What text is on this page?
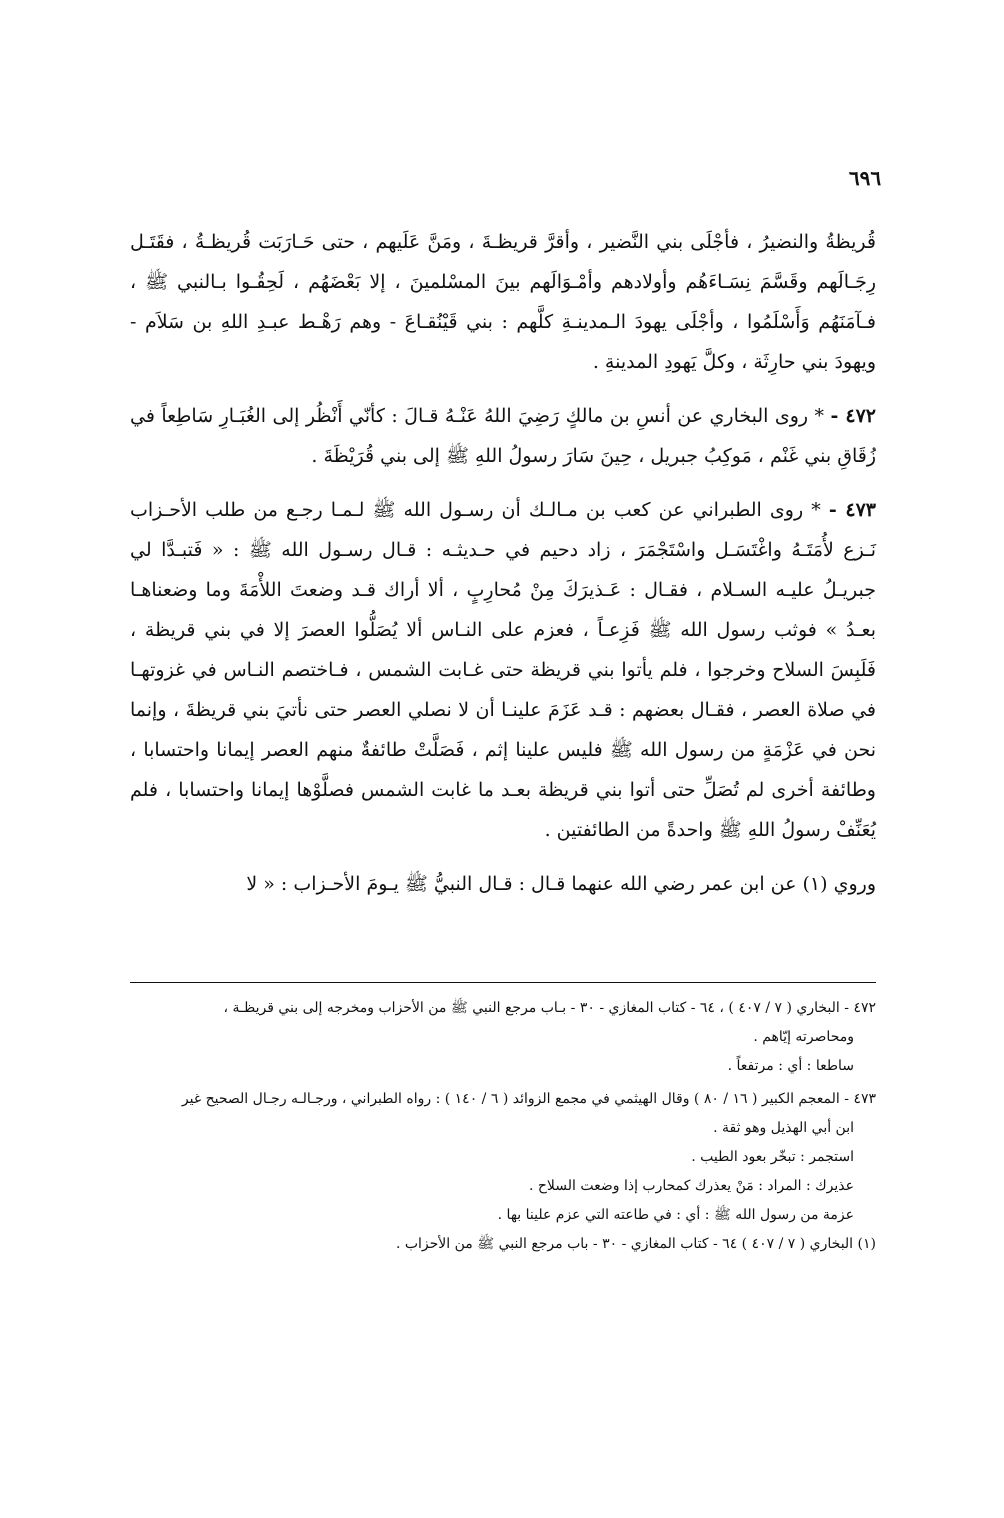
٦٩٦

قُريظةُ والنضيرُ ، فأجْلَى بني النَّضير ، وأقرَّ قريظـةَ ، ومَنَّ عَلَيهم ، حتى حَـارَبَت قُريظـةُ ، فقَتَـل رِجَـالَهم وقَسَّمَ نِسَـاءَهُم وأولادهم وأمْـوَالَهم بينَ المسْلمينَ ، إلا بَعْضَهُم ، لَحِقُـوا بـالنبي ﷺ ، فـآمَنَهُم وَأَسْلَمُوا ، وأجْلَى يهودَ الـمدينـةِ كلَّهم : بني قَيْنُقـاعَ - وهم رَهْـط عبـدِ اللهِ بن سَلاَم - ويهودَ بني حارِثَة ، وكلَّ يَهودِ المدينةِ .

٤٧٢ - * روى البخاري عن أنسِ بن مالكٍ رَضِيَ اللهُ عَنْـهُ قـالَ : كأنّي أَنْظُر إلى الغُبَـارِ سَاطِعاً في زُقَاقِ بني غَنْم ، مَوكِبُ جبريل ، حِينَ سَارَ رسولُ اللهِ ﷺ إلى بني قُرَيْظَةَ .

٤٧٣ - * روى الطبراني عن كعب بن مـالـك أن رسـول الله ﷺ لـمـا رجـع من طلب الأحـزاب نَـزع لأُمَتَـهُ واغْتَسَـل واسْتَجْمَرَ ، زاد دحيم في حـديثـه : قـال رسـول الله ﷺ : « فَتبـدَّا لي جبريـلُ عليـه السـلام ، فقـال : عَـذيرَكَ مِنْ مُحارِبٍ ، ألا أراك قـد وضعتَ اللأْمَةَ وما وضعناهـا بعـدُ » فوثب رسول الله ﷺ فَزِعـاً ، فعزم على النـاس ألا يُصَلُّوا العصرَ إلا في بني قريظة ، فَلَبِسَ السلاح وخرجوا ، فلم يأتوا بني قريظة حتى غـابت الشمس ، فـاختصم النـاس في غزوتهـا في صلاة العصر ، فقـال بعضهم : قـد عَزَمَ علينـا أن لا نصلي العصر حتى نأتيَ بني قريظةَ ، وإنما نحن في عَزْمَةٍ من رسول الله ﷺ فليس علينا إثم ، فَصَلَّتْ طائفةٌ منهم العصر إيمانا واحتسابا ، وطائفة أخرى لم تُصَلِّ حتى أتوا بني قريظة بعـد ما غابت الشمس فصلَّوْها إيمانا واحتسابا ، فلم يُعَنِّفْ رسولُ اللهِ ﷺ واحدةً من الطائفتين .

وروي (١) عن ابن عمر رضي الله عنهما قـال : قـال النبيُّ ﷺ يـومَ الأحـزاب : « لا

٤٧٢ - البخاري ( ٧ / ٤٠٧ ) ، ٦٤ - كتاب المغازي - ٣٠ - بـاب مرجع النبي ﷺ من الأحزاب ومخرجه إلى بني قريظـة ،

ومحاصرته إيّاهم .

ساطعا : أي : مرتفعاً .

٤٧٣ - المعجم الكبير ( ١٦ / ٨٠ ) وقال الهيثمي في مجمع الزوائد ( ٦ / ١٤٠ ) : رواه الطبراني ، ورجـالـه رجـال الصحيح غير

ابن أبي الهذيل وهو ثقة .

استجمر : تبخّر بعود الطيب .

عذيرك : المراد : مَنْ يعذرك كمحارب إذا وضعت السلاح .

عزمة من رسول الله ﷺ : أي : في طاعته التي عزم علينا بها .

(١) البخاري ( ٧ / ٤٠٧ ) ٦٤ - كتاب المغازي - ٣٠ - باب مرجع النبي ﷺ من الأحزاب .
